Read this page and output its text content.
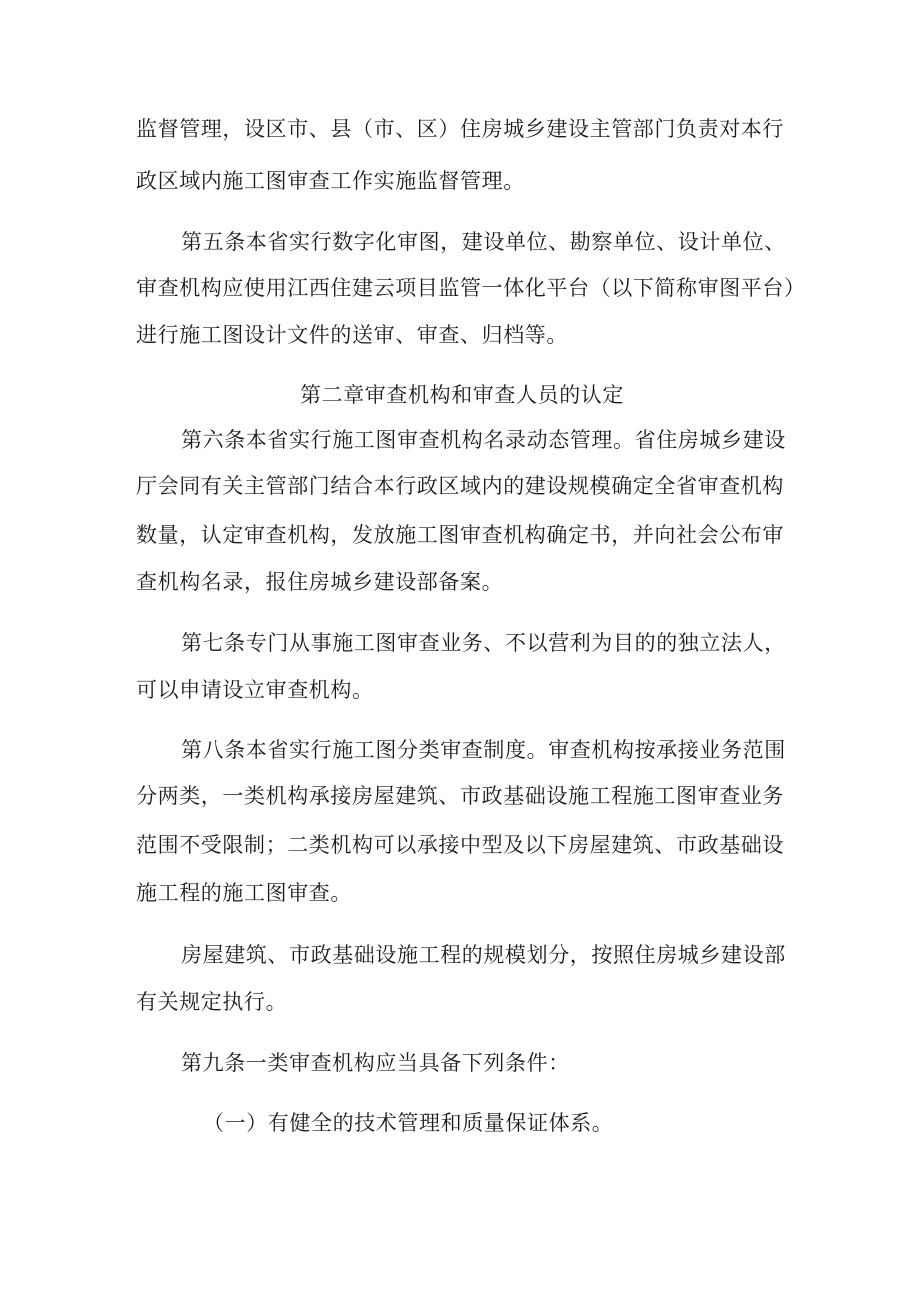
监督管理，设区市、县（市、区）住房城乡建设主管部门负责对本行
政区域内施工图审查工作实施监督管理。
第五条本省实行数字化审图，建设单位、勘察单位、设计单位、
审查机构应使用江西住建云项目监管一体化平台（以下简称审图平台）
进行施工图设计文件的送审、审查、归档等。
第二章审查机构和审查人员的认定
第六条本省实行施工图审查机构名录动态管理。省住房城乡建设
厅会同有关主管部门结合本行政区域内的建设规模确定全省审查机构
数量，认定审查机构，发放施工图审查机构确定书，并向社会公布审
查机构名录，报住房城乡建设部备案。
第七条专门从事施工图审查业务、不以营利为目的的独立法人，
可以申请设立审查机构。
第八条本省实行施工图分类审查制度。审查机构按承接业务范围
分两类，一类机构承接房屋建筑、市政基础设施工程施工图审查业务
范围不受限制；二类机构可以承接中型及以下房屋建筑、市政基础设
施工程的施工图审查。
房屋建筑、市政基础设施工程的规模划分，按照住房城乡建设部
有关规定执行。
第九条一类审查机构应当具备下列条件：
（一）有健全的技术管理和质量保证体系。
